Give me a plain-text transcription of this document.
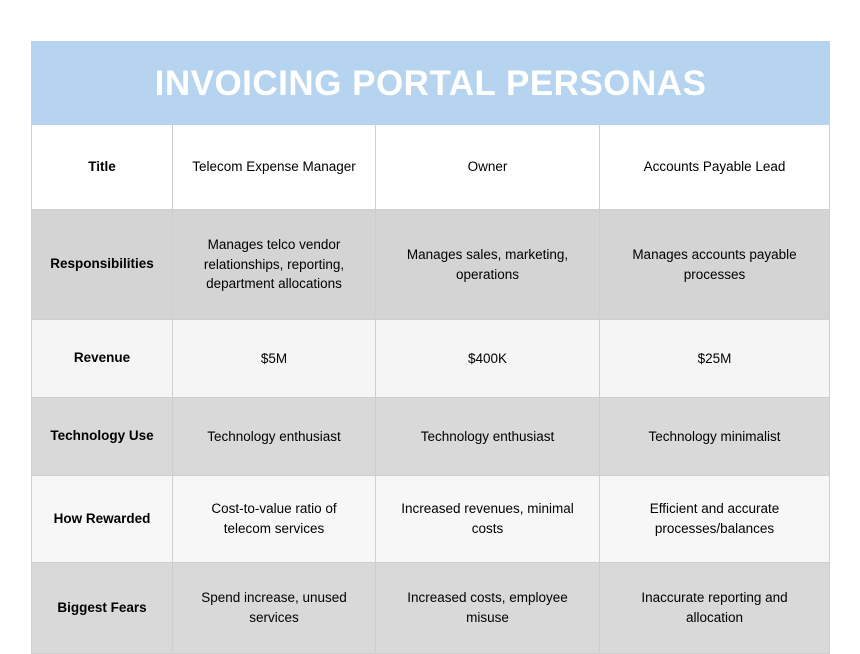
INVOICING PORTAL PERSONAS			
Title	Telecom Expense Manager	Owner	Accounts Payable Lead
Responsibilities	Manages telco vendor relationships, reporting, department allocations	Manages sales, marketing, operations	Manages accounts payable processes
Revenue	$5M	$400K	$25M
Technology Use	Technology enthusiast	Technology enthusiast	Technology minimalist
How Rewarded	Cost-to-value ratio of telecom services	Increased revenues, minimal costs	Efficient and accurate processes/balances
Biggest Fears	Spend increase, unused services	Increased costs, employee misuse	Inaccurate reporting and allocation
